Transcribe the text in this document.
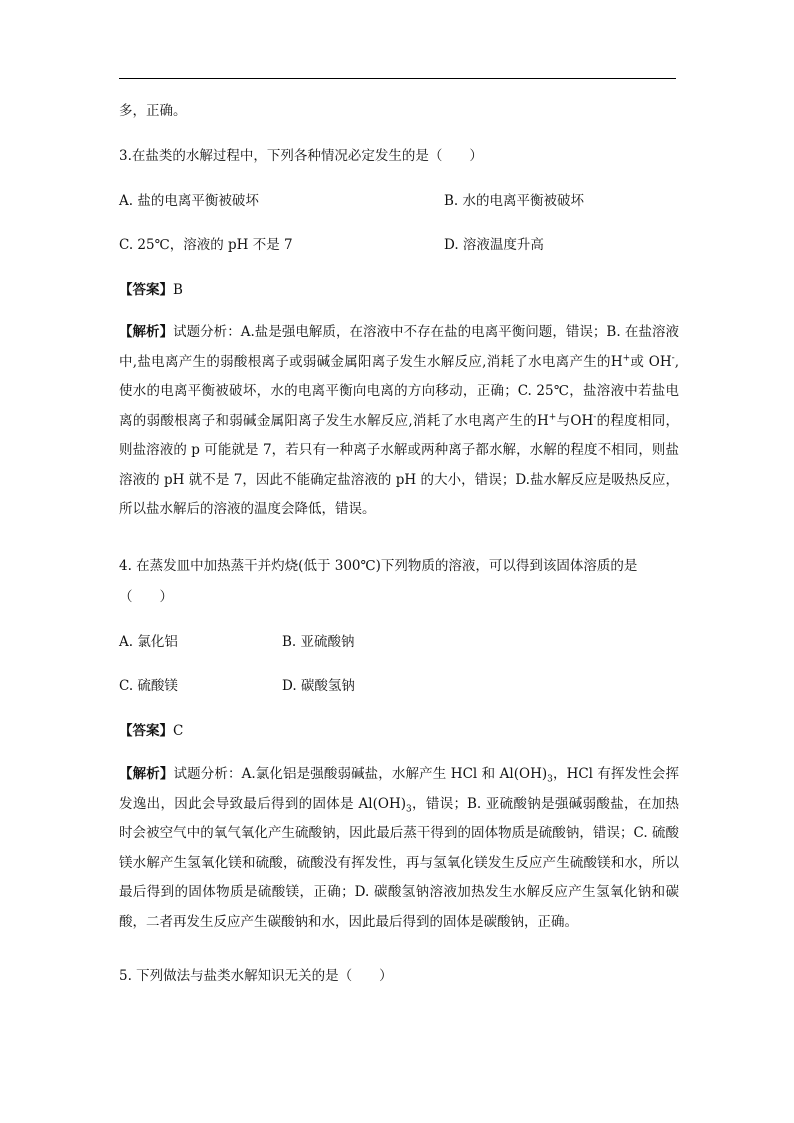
多，正确。
3.在盐类的水解过程中，下列各种情况必定发生的是（　　）
A. 盐的电离平衡被破坏	B. 水的电离平衡被破坏
C. 25℃，溶液的 pH 不是 7	D. 溶液温度升高
【答案】B
【解析】试题分析：A.盐是强电解质，在溶液中不存在盐的电离平衡问题，错误；B. 在盐溶液中,盐电离产生的弱酸根离子或弱碱金属阳离子发生水解反应,消耗了水电离产生的H+或 OH-, 使水的电离平衡被破坏，水的电离平衡向电离的方向移动，正确；C. 25℃，盐溶液中若盐电离的弱酸根离子和弱碱金属阳离子发生水解反应,消耗了水电离产生的H+与OH-的程度相同，则盐溶液的 p 可能就是 7，若只有一种离子水解或两种离子都水解，水解的程度不相同，则盐溶液的 pH 就不是 7，因此不能确定盐溶液的 pH 的大小，错误；D.盐水解反应是吸热反应，所以盐水解后的溶液的温度会降低，错误。
4. 在蒸发皿中加热蒸干并灼烧(低于 300℃)下列物质的溶液，可以得到该固体溶质的是
（　　）
A. 氯化铝	B. 亚硫酸钠
C. 硫酸镁	D. 碳酸氢钠
【答案】C
【解析】试题分析：A.氯化铝是强酸弱碱盐，水解产生 HCl 和 $Al(OH)_3$，HCl 有挥发性会挥发逸出，因此会导致最后得到的固体是 $Al(OH)_3$，错误；B. 亚硫酸钠是强碱弱酸盐，在加热时会被空气中的氧气氧化产生硫酸钠，因此最后蒸干得到的固体物质是硫酸钠，错误；C. 硫酸镁水解产生氢氧化镁和硫酸，硫酸没有挥发性，再与氢氧化镁发生反应产生硫酸镁和水，所以最后得到的固体物质是硫酸镁，正确；D. 碳酸氢钠溶液加热发生水解反应产生氢氧化钠和碳酸，二者再发生反应产生碳酸钠和水，因此最后得到的固体是碳酸钠，正确。
5. 下列做法与盐类水解知识无关的是（　　）
